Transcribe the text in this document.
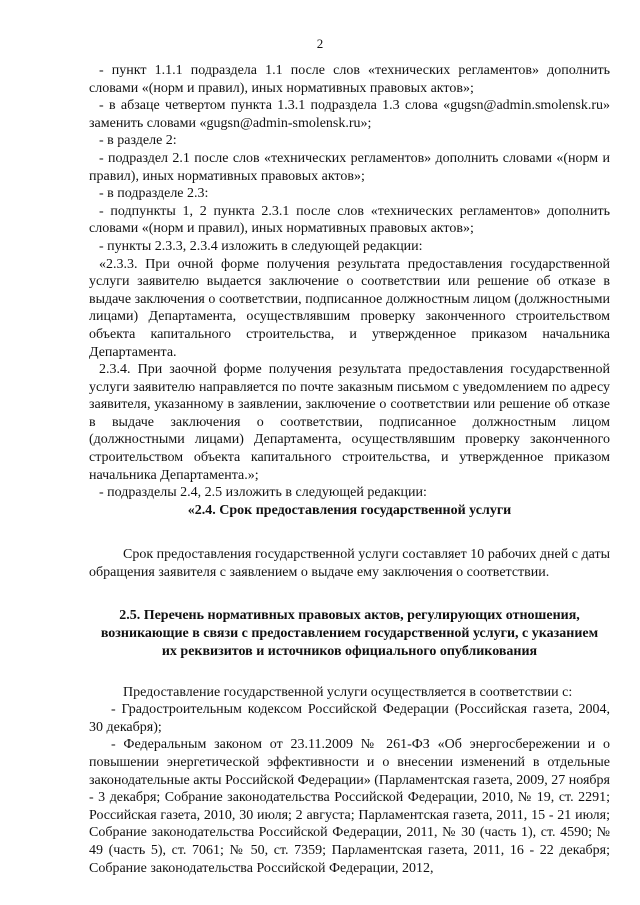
2

- пункт 1.1.1 подраздела 1.1 после слов «технических регламентов» дополнить словами «(норм и правил), иных нормативных правовых актов»;

- в абзаце четвертом пункта 1.3.1 подраздела 1.3 слова «gugsn@admin.smolensk.ru» заменить словами «gugsn@admin-smolensk.ru»;

- в разделе 2:

- подраздел 2.1 после слов «технических регламентов» дополнить словами «(норм и правил), иных нормативных правовых актов»;

- в подразделе 2.3:

- подпункты 1, 2 пункта 2.3.1 после слов «технических регламентов» дополнить словами «(норм и правил), иных нормативных правовых актов»;

- пункты 2.3.3, 2.3.4 изложить в следующей редакции:

«2.3.3. При очной форме получения результата предоставления государственной услуги заявителю выдается заключение о соответствии или решение об отказе в выдаче заключения о соответствии, подписанное должностным лицом (должностными лицами) Департамента, осуществлявшим проверку законченного строительством объекта капитального строительства, и утвержденное приказом начальника Департамента.

2.3.4. При заочной форме получения результата предоставления государственной услуги заявителю направляется по почте заказным письмом с уведомлением по адресу заявителя, указанному в заявлении, заключение о соответствии или решение об отказе в выдаче заключения о соответствии, подписанное должностным лицом (должностными лицами) Департамента, осуществлявшим проверку законченного строительством объекта капитального строительства, и утвержденное приказом начальника Департамента.»;

- подразделы 2.4, 2.5 изложить в следующей редакции:

«2.4. Срок предоставления государственной услуги

Срок предоставления государственной услуги составляет 10 рабочих дней с даты обращения заявителя с заявлением о выдаче ему заключения о соответствии.

2.5. Перечень нормативных правовых актов, регулирующих отношения,
возникающие в связи с предоставлением государственной услуги, с указанием
их реквизитов и источников официального опубликования

Предоставление государственной услуги осуществляется в соответствии с:

- Градостроительным кодексом Российской Федерации (Российская газета, 2004, 30 декабря);

- Федеральным законом от 23.11.2009 № 261-ФЗ «Об энергосбережении и о повышении энергетической эффективности и о внесении изменений в отдельные законодательные акты Российской Федерации» (Парламентская газета, 2009, 27 ноября - 3 декабря; Собрание законодательства Российской Федерации, 2010, № 19, ст. 2291; Российская газета, 2010, 30 июля; 2 августа; Парламентская газета, 2011, 15 - 21 июля; Собрание законодательства Российской Федерации, 2011, № 30 (часть 1), ст. 4590; № 49 (часть 5), ст. 7061; № 50, ст. 7359; Парламентская газета, 2011, 16 - 22 декабря; Собрание законодательства Российской Федерации, 2012,
